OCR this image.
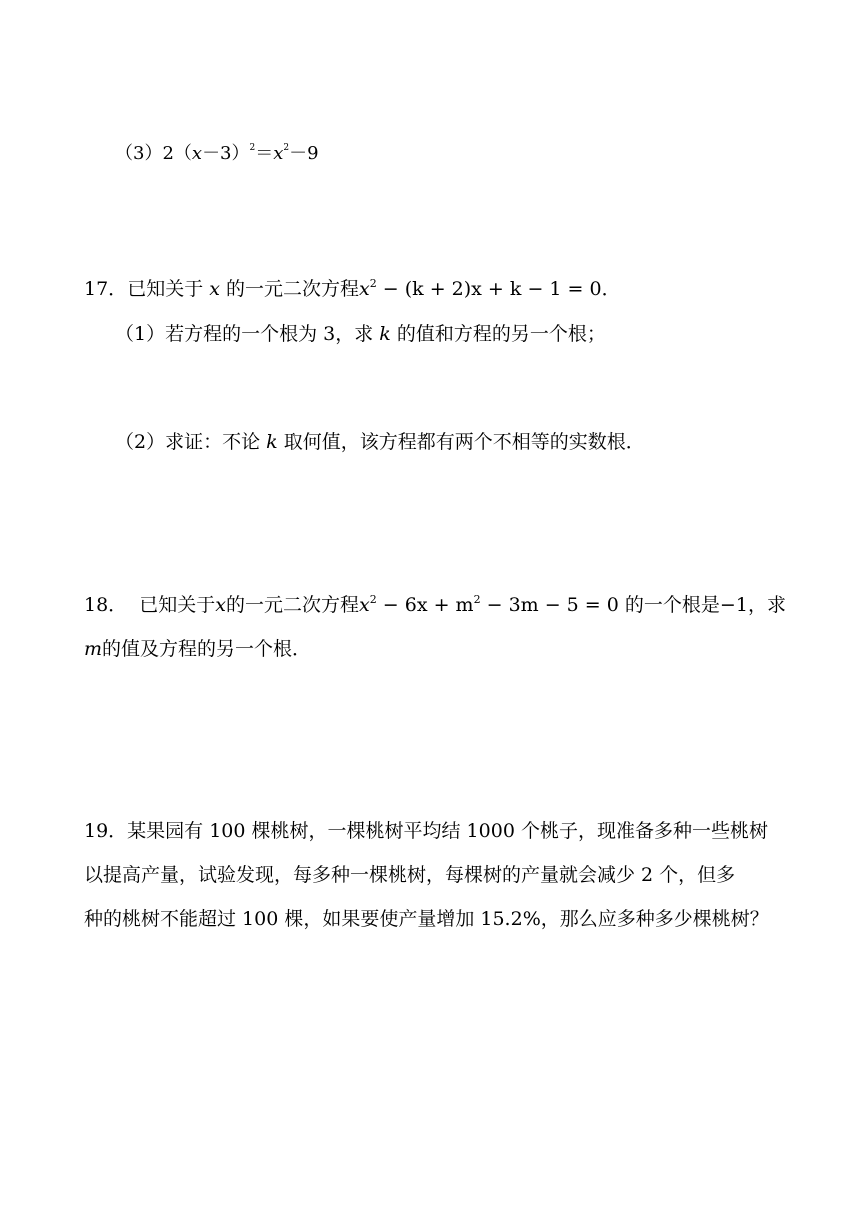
$(3)2(x-3)^2=x^2-9$
17．已知关于 x 的一元二次方程$x^2 - (k + 2)x + k - 1 = 0$．
（1）若方程的一个根为 3，求 k 的值和方程的另一个根；
（2）求证：不论 k 取何值，该方程都有两个不相等的实数根．
18． 已知关于x的一元二次方程$x^2 - 6x + m^2 - 3m - 5 = 0$ 的一个根是−1，求
m的值及方程的另一个根．
19．某果园有 100 棵桃树，一棵桃树平均结 1000 个桃子，现准备多种一些桃树
以提高产量，试验发现，每多种一棵桃树，每棵树的产量就会减少 2 个，但多
种的桃树不能超过 100 棵，如果要使产量增加 15.2%，那么应多种多少棵桃树？
